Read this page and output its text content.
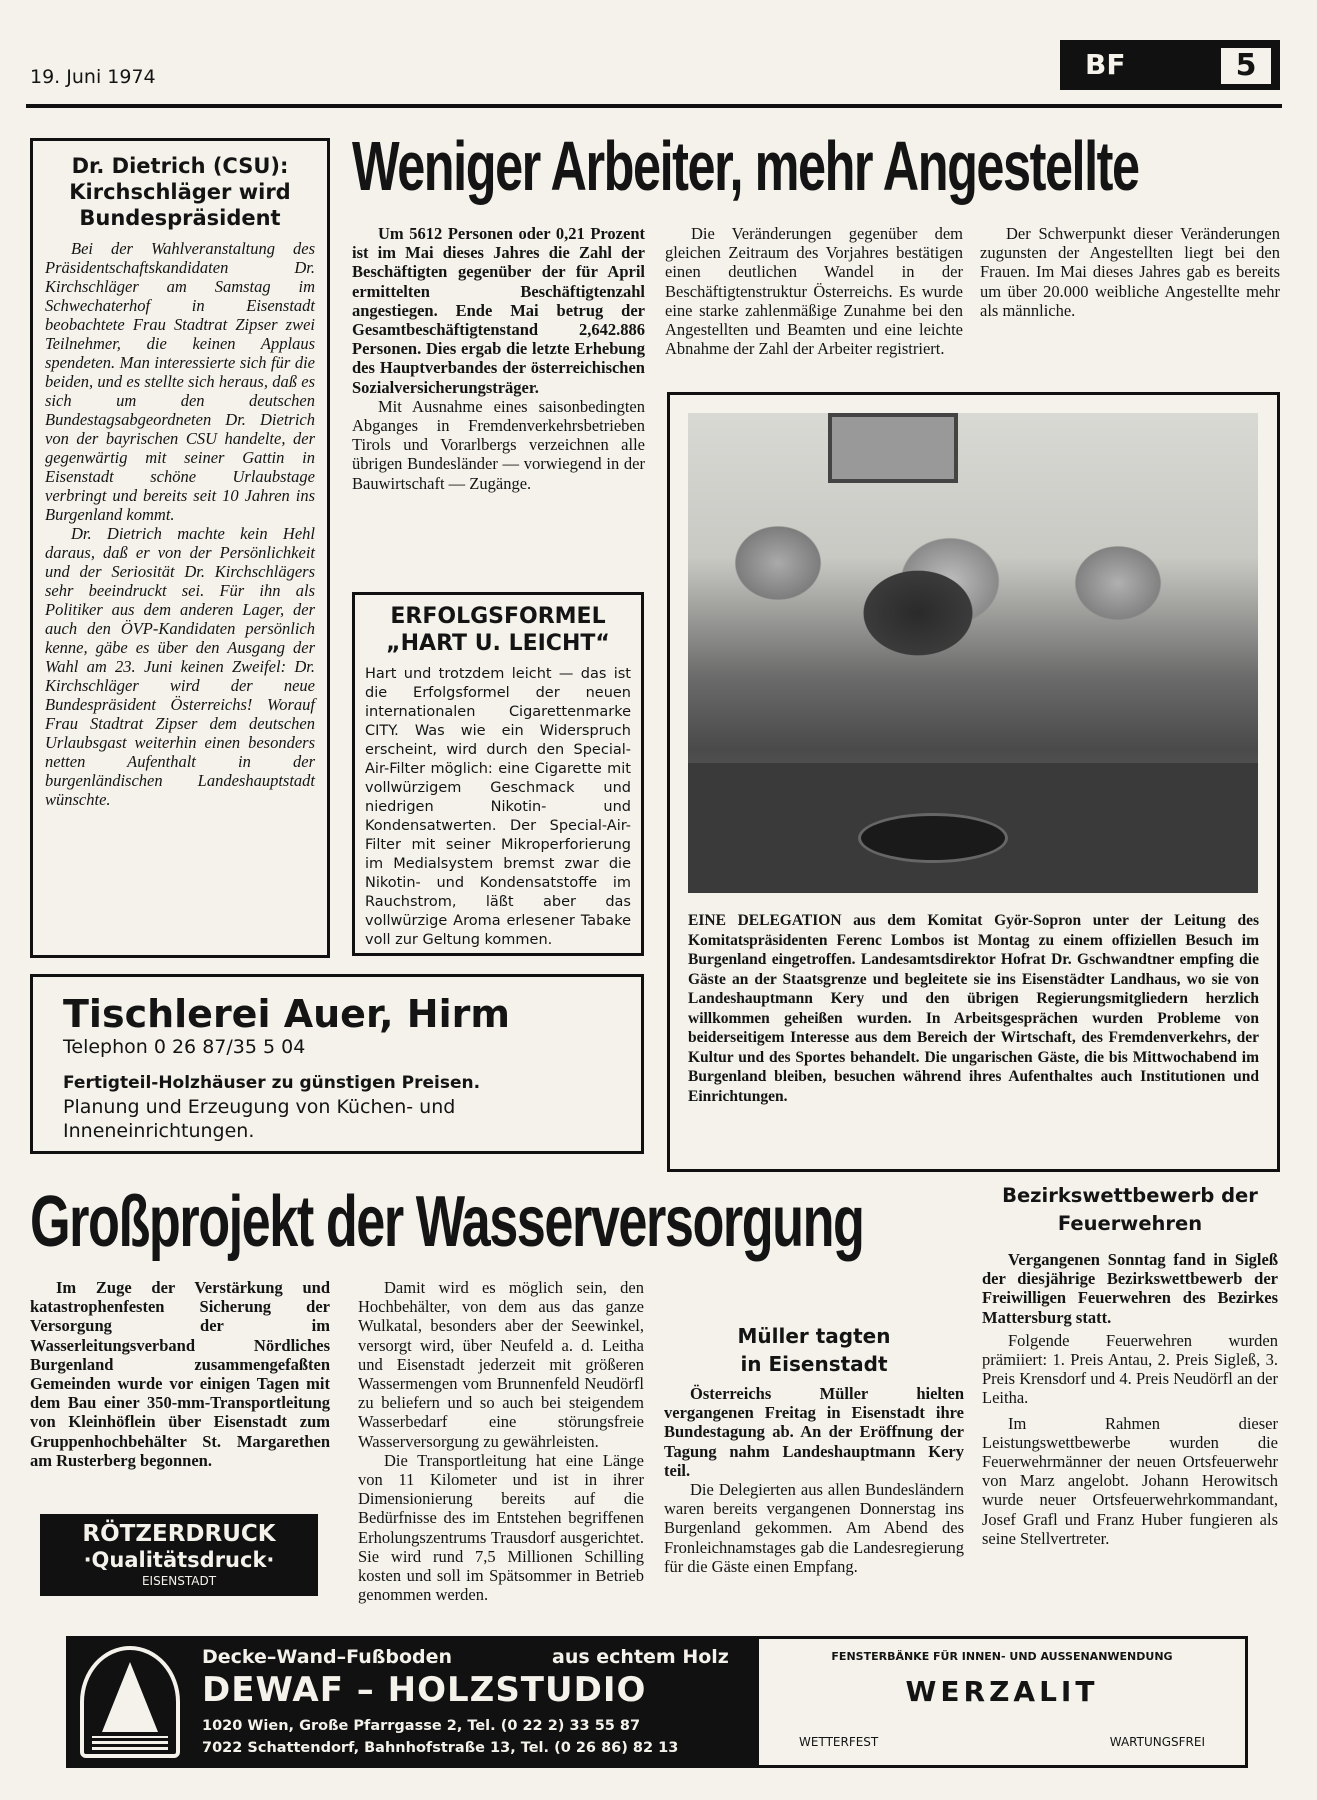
19. Juni 1974	BF	5
Dr. Dietrich (CSU): Kirchschläger wird Bundespräsident
Bei der Wahlveranstaltung des Präsidentschaftskandidaten Dr. Kirchschläger am Samstag im Schwechaterhof in Eisenstadt beobachtete Frau Stadtrat Zipser zwei Teilnehmer, die keinen Applaus spendeten. Man interessierte sich für die beiden, und es stellte sich heraus, daß es sich um den deutschen Bundestagsabgeordneten Dr. Dietrich von der bayrischen CSU handelte, der gegenwärtig mit seiner Gattin in Eisenstadt schöne Urlaubstage verbringt und bereits seit 10 Jahren ins Burgenland kommt.
Dr. Dietrich machte kein Hehl daraus, daß er von der Persönlichkeit und der Seriosität Dr. Kirchschlägers sehr beeindruckt sei. Für ihn als Politiker aus dem anderen Lager, der auch den ÖVP-Kandidaten persönlich kenne, gäbe es über den Ausgang der Wahl am 23. Juni keinen Zweifel: Dr. Kirchschläger wird der neue Bundespräsident Österreichs! Worauf Frau Stadtrat Zipser dem deutschen Urlaubsgast weiterhin einen besonders netten Aufenthalt in der burgenländischen Landeshauptstadt wünschte.
Weniger Arbeiter, mehr Angestellte
Um 5612 Personen oder 0,21 Prozent ist im Mai dieses Jahres die Zahl der Beschäftigten gegenüber der für April ermittelten Beschäftigtenzahl angestiegen. Ende Mai betrug der Gesamtbeschäftigtenstand 2,642.886 Personen. Dies ergab die letzte Erhebung des Hauptverbandes der österreichischen Sozialversicherungsträger.
Mit Ausnahme eines saisonbedingten Abganges in Fremdenverkehrsbetrieben Tirols und Vorarlbergs verzeichnen alle übrigen Bundesländer — vorwiegend in der Bauwirtschaft — Zugänge.
Die Veränderungen gegenüber dem gleichen Zeitraum des Vorjahres bestätigen einen deutlichen Wandel in der Beschäftigtenstruktur Österreichs. Es wurde eine starke zahlenmäßige Zunahme bei den Angestellten und Beamten und eine leichte Abnahme der Zahl der Arbeiter registriert.
Der Schwerpunkt dieser Veränderungen zugunsten der Angestellten liegt bei den Frauen. Im Mai dieses Jahres gab es bereits um über 20.000 weibliche Angestellte mehr als männliche.
ERFOLGSFORMEL
„HART U. LEICHT“
Hart und trotzdem leicht — das ist die Erfolgsformel der neuen internationalen Cigarettenmarke CITY. Was wie ein Widerspruch erscheint, wird durch den Special-Air-Filter möglich: eine Cigarette mit vollwürzigem Geschmack und niedrigen Nikotin- und Kondensatwerten. Der Special-Air-Filter mit seiner Mikroperforierung im Medialsystem bremst zwar die Nikotin- und Kondensatstoffe im Rauchstrom, läßt aber das vollwürzige Aroma erlesener Tabake voll zur Geltung kommen.
EINE DELEGATION aus dem Komitat Györ-Sopron unter der Leitung des Komitatspräsidenten Ferenc Lombos ist Montag zu einem offiziellen Besuch im Burgenland eingetroffen. Landesamtsdirektor Hofrat Dr. Gschwandtner empfing die Gäste an der Staatsgrenze und begleitete sie ins Eisenstädter Landhaus, wo sie von Landeshauptmann Kery und den übrigen Regierungsmitgliedern herzlich willkommen geheißen wurden. In Arbeitsgesprächen wurden Probleme von beiderseitigem Interesse aus dem Bereich der Wirtschaft, des Fremdenverkehrs, der Kultur und des Sportes behandelt. Die ungarischen Gäste, die bis Mittwochabend im Burgenland bleiben, besuchen während ihres Aufenthaltes auch Institutionen und Einrichtungen.
Tischlerei Auer, Hirm
Telephon 0 26 87/35 5 04
Fertigteil-Holzhäuser zu günstigen Preisen.
Planung und Erzeugung von Küchen- und Inneneinrichtungen.
Großprojekt der Wasserversorgung
Im Zuge der Verstärkung und katastrophenfesten Sicherung der Versorgung der im Wasserleitungsverband Nördliches Burgenland zusammengefaßten Gemeinden wurde vor einigen Tagen mit dem Bau einer 350-mm-Transportleitung von Kleinhöflein über Eisenstadt zum Gruppenhochbehälter St. Margarethen am Rusterberg begonnen.
Damit wird es möglich sein, den Hochbehälter, von dem aus das ganze Wulkatal, besonders aber der Seewinkel, versorgt wird, über Neufeld a. d. Leitha und Eisenstadt jederzeit mit größeren Wassermengen vom Brunnenfeld Neudörfl zu beliefern und so auch bei steigendem Wasserbedarf eine störungsfreie Wasserversorgung zu gewährleisten.
Die Transportleitung hat eine Länge von 11 Kilometer und ist in ihrer Dimensionierung bereits auf die Bedürfnisse des im Entstehen begriffenen Erholungszentrums Trausdorf ausgerichtet. Sie wird rund 7,5 Millionen Schilling kosten und soll im Spätsommer in Betrieb genommen werden.
Müller tagten in Eisenstadt
Österreichs Müller hielten vergangenen Freitag in Eisenstadt ihre Bundestagung ab. An der Eröffnung der Tagung nahm Landeshauptmann Kery teil.
Die Delegierten aus allen Bundesländern waren bereits vergangenen Donnerstag ins Burgenland gekommen. Am Abend des Fronleichnamstages gab die Landesregierung für die Gäste einen Empfang.
Bezirkswettbewerb der Feuerwehren
Vergangenen Sonntag fand in Sigleß der diesjährige Bezirkswettbewerb der Freiwilligen Feuerwehren des Bezirkes Mattersburg statt.
Folgende Feuerwehren wurden prämiiert: 1. Preis Antau, 2. Preis Sigleß, 3. Preis Krensdorf und 4. Preis Neudörfl an der Leitha.
Im Rahmen dieser Leistungswettbewerbe wurden die Feuerwehrmänner der neuen Ortsfeuerwehr von Marz angelobt. Johann Herowitsch wurde neuer Ortsfeuerwehrkommandant, Josef Grafl und Franz Huber fungieren als seine Stellvertreter.
RÖTZERDRUCK
·Qualitätsdruck·
EISENSTADT
Decke–Wand–Fußboden	aus echtem Holz
DEWAF – HOLZSTUDIO
1020 Wien, Große Pfarrgasse 2, Tel. (0 22 2) 33 55 87
7022 Schattendorf, Bahnhofstraße 13, Tel. (0 26 86) 82 13
FENSTERBÄNKE FÜR INNEN- UND AUSSENANWENDUNG
WERZALIT
WETTERFEST	WARTUNGSFREI
